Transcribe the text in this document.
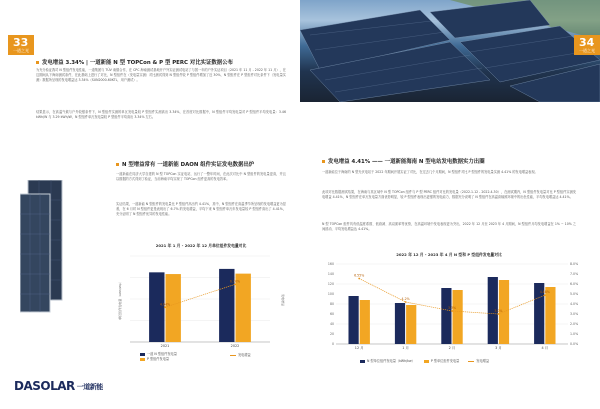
33
一道之光
发电增益 3.34% | 一道新能 N 型 TOPCon & P 型 PERC 对比实证数据公布
为充分验证我司 N 型组件发电性能，一道集团与 TÜV 南德合作，在 CPC 海南测试基地开户外实证测试电站了与国一年的户外实证项目（2021 年 11 月 - 2022 年 11 月），在这期间从下海南测试条件，在此基础上进行了对比，N 型组件在（发电量实测）对比测试得到 N 型组件较 P 型组件增加了近 30%，N 型组件在 P 型组件对比条件下（发电量实测）数据所呈现的发电增益达 3.34%（SUN2000-60KTL，用户测试）。
结果显示，在高温气候与户外较强条件下，N 型组件实测的单瓦发电量较 P 型组件实测高出 3.34%，在首度对比数据中，N 型组件平均发电量对 P 型组件平均发电量：3.46 kWh/W 与 3.29 kWh/W，N 型组件单瓦发电量较 P 型组件平均高出 3.34% 左右。
N 型增益常有 一道新能 DAON 组件实证发电数据出炉
一道新能在同济大学自建的 N 型 TOPCon 实证电站，运行了一整年时间，在此次对比中 N 型组件的发电量更高，并且以数据的方式得到了验证，当前海南平均实现了 TOPCon 组件更高的发电效率。
实证结果，一道新能 N 型组件的发电量比 P 型组件高出约 4.41%，其中，N 型组件在高温季节所呈现的发电增益更为显著，在 6 月时 N 型组件更是表现出了 6.7% 的发电增益，平均下来 N 型组件单瓦年发电量较 P 型组件高出了 4.41%，充分证明了 N 型组件优异的发电性能。
2021 年 1 月 - 2022 年 12 月单位组件发电量对比
单位组件发电量（kWh/Wp）	发电增益
2021	2022
4.04%
6.70%
一道 N 型组件发电量
P 型组件发电量
发电增益
DASOLAR 一道新能
34
一道之光
发电增益 4.41% —— 一道新能海南 N 型电站发电数据实力出圈
一道新能位于海南的 N 型光伏电站于 2022 年期间开展实证了对比，在过去几个月期间，N 型组件对比 P 型组件的发电量实测 4.41% 的发电增益表现。
此项对比数据测试结果，在海南与其区域中 N 型 TOPCon 组件与 P 型 PERC 组件对比的发电量（2022.1.12 - 2022.4.30），在测试期内，N 型组件发电量对比 P 型组件实测发电增益 4.41%，N 型组件在单瓦发电量方面优势明显，较 P 型组件表现出更强的发电能力，数据充分说明了 N 型组件在高温高辐照环境中的出色性能，平均发电增益达 4.41%。
N 型 TOPCon 组件具有低温度系数、低衰减、高双面率等优势，在高温环境中发电表现更为突出，2022 年 12 月至 2023 年 4 月期间，N 型组件月均发电增益在 1% ~ 10% 之间波动，平均发电增益达 4.41%。
2022 年 12 月 - 2023 年 4 月 N 型和 P 型组件发电量对比
0
20
40
60
80
100
120
140
160
0.0%
1.0%
2.0%
3.0%
4.0%
5.0%
6.0%
7.0%
8.0%
12 月	1 月	2 月	3 月	4 月
6.55%
4.2%
3.3%
3.0%
4.88%
N 型单位组件发电量（kWh/kw）	P 型单位组件发电量	发电增益
